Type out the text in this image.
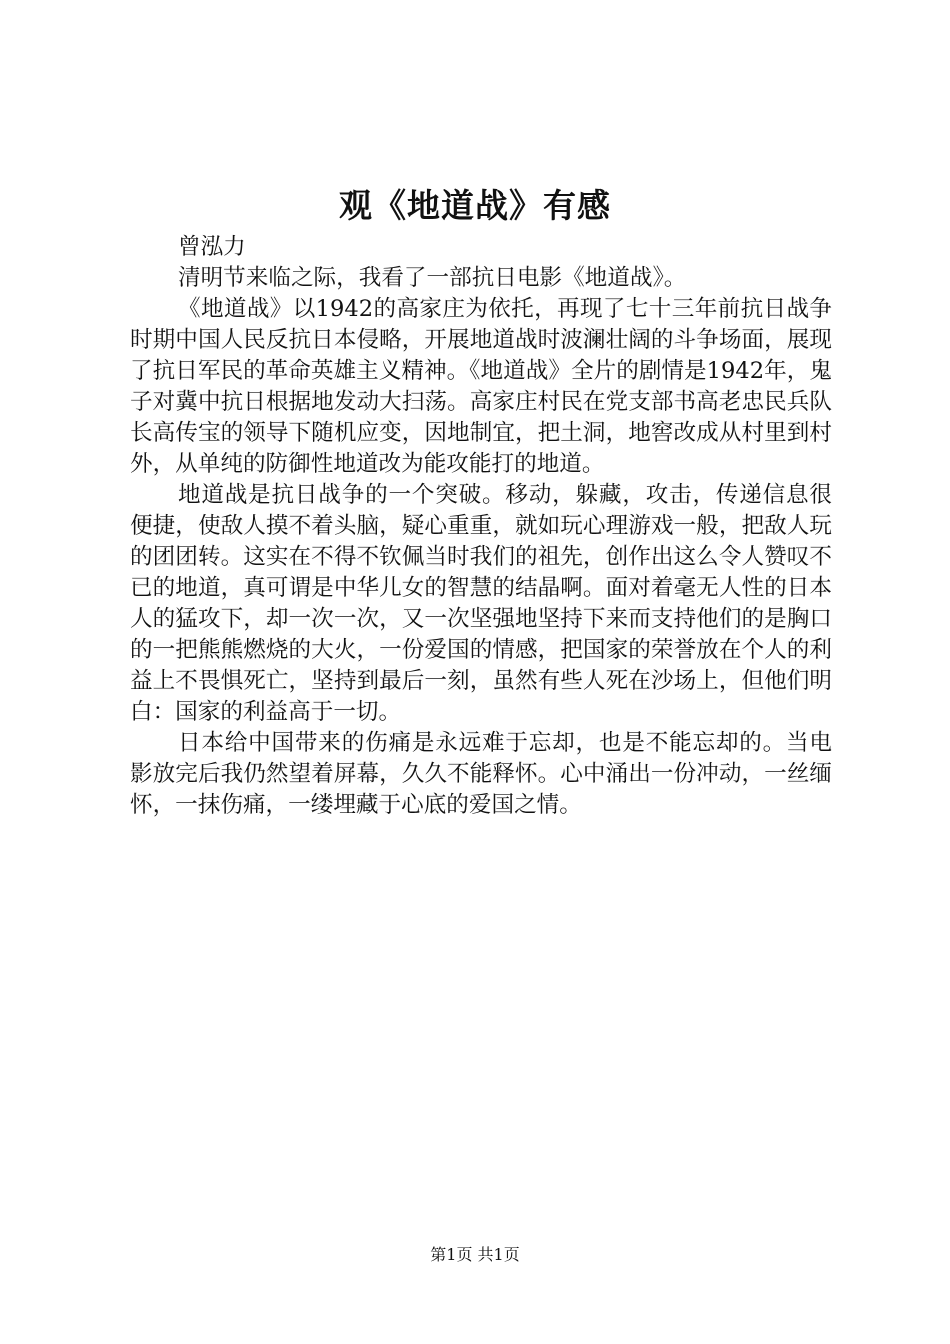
观《地道战》有感

曾泓力

清明节来临之际，我看了一部抗日电影《地道战》。

《地道战》以1942的高家庄为依托，再现了七十三年前抗日战争时期中国人民反抗日本侵略，开展地道战时波澜壮阔的斗争场面，展现了抗日军民的革命英雄主义精神。《地道战》全片的剧情是1942年，鬼子对冀中抗日根据地发动大扫荡。高家庄村民在党支部书高老忠民兵队长高传宝的领导下随机应变，因地制宜，把土洞，地窖改成从村里到村外，从单纯的防御性地道改为能攻能打的地道。

地道战是抗日战争的一个突破。移动，躲藏，攻击，传递信息很便捷，使敌人摸不着头脑，疑心重重，就如玩心理游戏一般，把敌人玩的团团转。这实在不得不钦佩当时我们的祖先，创作出这么令人赞叹不已的地道，真可谓是中华儿女的智慧的结晶啊。面对着毫无人性的日本人的猛攻下，却一次一次，又一次坚强地坚持下来而支持他们的是胸口的一把熊熊燃烧的大火，一份爱国的情感，把国家的荣誉放在个人的利益上不畏惧死亡，坚持到最后一刻，虽然有些人死在沙场上，但他们明白：国家的利益高于一切。

日本给中国带来的伤痛是永远难于忘却，也是不能忘却的。当电影放完后我仍然望着屏幕，久久不能释怀。心中涌出一份冲动，一丝缅怀，一抹伤痛，一缕埋藏于心底的爱国之情。

第1页 共1页
